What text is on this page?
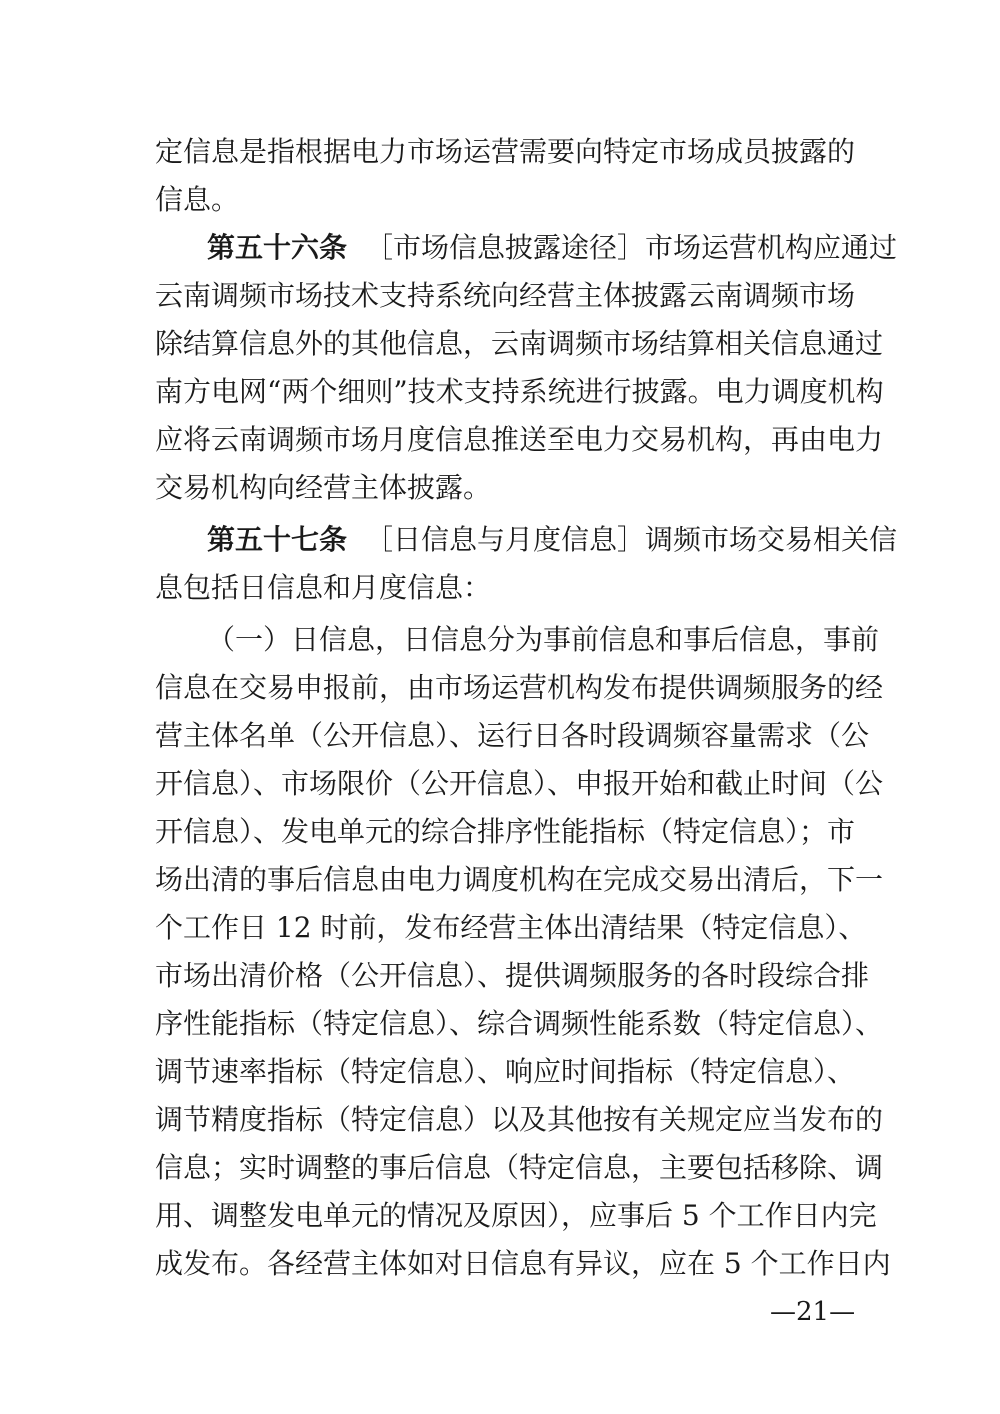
定信息是指根据电力市场运营需要向特定市场成员披露的
信息。
第五十六条 ［市场信息披露途径］市场运营机构应通过
云南调频市场技术支持系统向经营主体披露云南调频市场
除结算信息外的其他信息，云南调频市场结算相关信息通过
南方电网“两个细则”技术支持系统进行披露。电力调度机构
应将云南调频市场月度信息推送至电力交易机构，再由电力
交易机构向经营主体披露。
第五十七条 ［日信息与月度信息］调频市场交易相关信
息包括日信息和月度信息：
（一）日信息，日信息分为事前信息和事后信息，事前
信息在交易申报前，由市场运营机构发布提供调频服务的经
营主体名单（公开信息）、运行日各时段调频容量需求（公
开信息）、市场限价（公开信息）、申报开始和截止时间（公
开信息）、发电单元的综合排序性能指标（特定信息）；市
场出清的事后信息由电力调度机构在完成交易出清后，下一
个工作日 12 时前，发布经营主体出清结果（特定信息）、
市场出清价格（公开信息）、提供调频服务的各时段综合排
序性能指标（特定信息）、综合调频性能系数（特定信息）、
调节速率指标（特定信息）、响应时间指标（特定信息）、
调节精度指标（特定信息）以及其他按有关规定应当发布的
信息；实时调整的事后信息（特定信息，主要包括移除、调
用、调整发电单元的情况及原因），应事后 5 个工作日内完
成发布。各经营主体如对日信息有异议，应在 5 个工作日内
—21—
